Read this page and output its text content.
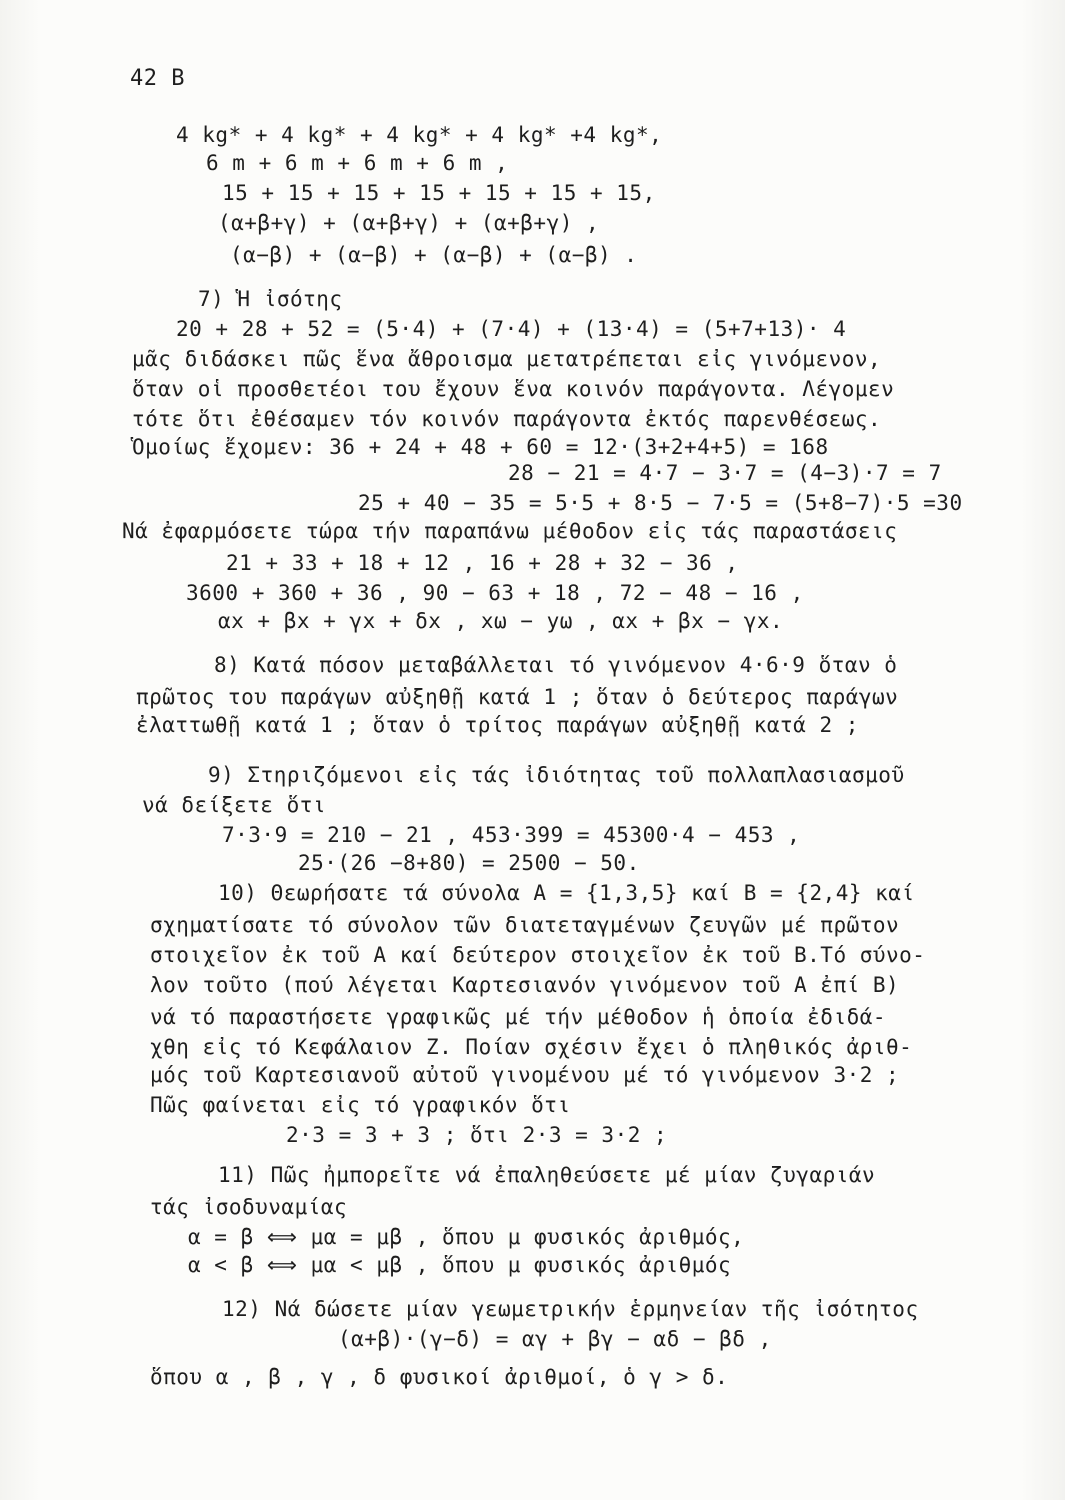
42 B
4 kg* + 4 kg* + 4 kg* + 4 kg* +4 kg*,
6 m + 6 m + 6 m + 6 m ,
15 + 15 + 15 + 15 + 15 + 15 + 15,
(α+β+γ) + (α+β+γ) + (α+β+γ) ,
(α−β) + (α−β) + (α−β) + (α−β) .
7) Ἡ ἰσότης
20 + 28 + 52 = (5·4) + (7·4) + (13·4) = (5+7+13)· 4
μᾶς διδάσκει πῶς ἕνα ἄθροισμα μετατρέπεται εἰς γινόμενον,
ὅταν οἱ προσθετέοι του ἔχουν ἕνα κοινόν παράγοντα. Λέγομεν
τότε ὅτι ἐθέσαμεν τόν κοινόν παράγοντα ἐκτός παρενθέσεως.
Ὁμοίως ἔχομεν: 36 + 24 + 48 + 60 = 12·(3+2+4+5) = 168
28 − 21 = 4·7 − 3·7 = (4−3)·7 = 7
25 + 40 − 35 = 5·5 + 8·5 − 7·5 = (5+8−7)·5 =30
Νά ἐφαρμόσετε τώρα τήν παραπάνω μέθοδον εἰς τάς παραστάσεις
21 + 33 + 18 + 12 , 16 + 28 + 32 − 36 ,
3600 + 360 + 36 , 90 − 63 + 18 , 72 − 48 − 16 ,
αx + βx + γx + δx , xω − yω , αx + βx − γx.
8) Κατά πόσον μεταβάλλεται τό γινόμενον 4·6·9 ὅταν ὁ
πρῶτος του παράγων αὐξηθῇ κατά 1 ; ὅταν ὁ δεύτερος παράγων
ἐλαττωθῇ κατά 1 ; ὅταν ὁ τρίτος παράγων αὐξηθῇ κατά 2 ;
9) Στηριζόμενοι εἰς τάς ἰδιότητας τοῦ πολλαπλασιασμοῦ
νά δείξετε ὅτι
7·3·9 = 210 − 21 , 453·399 = 45300·4 − 453 ,
25·(26 −8+80) = 2500 − 50.
10) Θεωρήσατε τά σύνολα A = {1,3,5} καί B = {2,4} καί
σχηματίσατε τό σύνολον τῶν διατεταγμένων ζευγῶν μέ πρῶτον
στοιχεῖον ἐκ τοῦ A καί δεύτερον στοιχεῖον ἐκ τοῦ B.Τό σύνο-
λον τοῦτο (πού λέγεται Καρτεσιανόν γινόμενον τοῦ A ἐπί B)
νά τό παραστήσετε γραφικῶς μέ τήν μέθοδον ἡ ὁποία ἐδιδά-
χθη εἰς τό Κεφάλαιον Z. Ποίαν σχέσιν ἔχει ὁ πληθικός ἀριθ-
μός τοῦ Καρτεσιανοῦ αὐτοῦ γινομένου μέ τό γινόμενον 3·2 ;
Πῶς φαίνεται εἰς τό γραφικόν ὅτι
2·3 = 3 + 3 ; ὅτι 2·3 = 3·2 ;
11) Πῶς ἠμπορεῖτε νά ἐπαληθεύσετε μέ μίαν ζυγαριάν
τάς ἰσοδυναμίας
α = β ⟺ μα = μβ , ὅπου μ φυσικός ἀριθμός,
α < β ⟺ μα < μβ , ὅπου μ φυσικός ἀριθμός
12) Νά δώσετε μίαν γεωμετρικήν ἑρμηνείαν τῆς ἰσότητος
(α+β)·(γ−δ) = αγ + βγ − αδ − βδ ,
ὅπου α , β , γ , δ φυσικοί ἀριθμοί, ὁ γ > δ.
